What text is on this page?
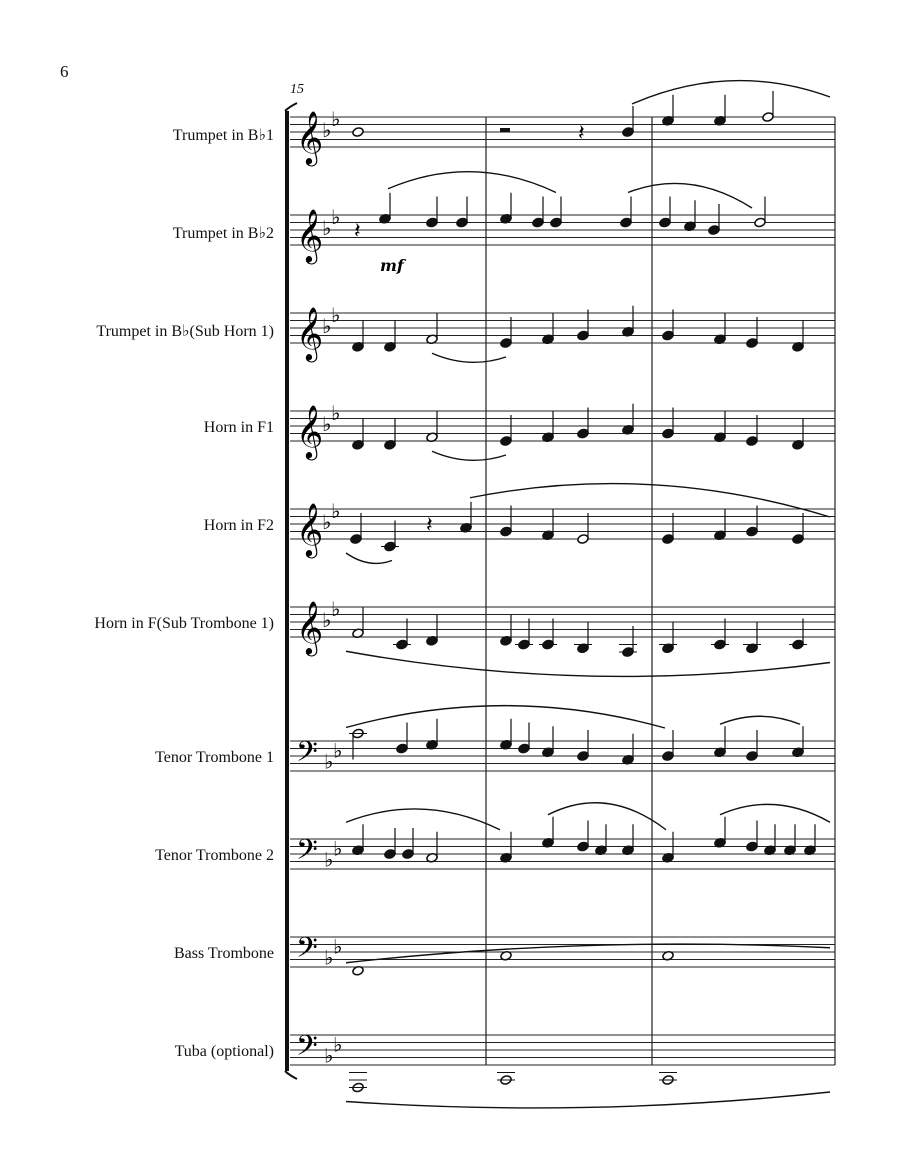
6
15
Trumpet in B♭1
Trumpet in B♭2
Trumpet in B♭(Sub Horn 1)
Horn in F1
Horn in F2
Horn in F(Sub Trombone 1)
Tenor Trombone 1
Tenor Trombone 2
Bass Trombone
Tuba (optional)
𝄞
♭ ♭
𝄞
♭ ♭
𝄞
♭ ♭
𝄞
♭ ♭
𝄞
♭ ♭
𝄞
♭ ♭
𝄢 ♭ ♭
𝄢 ♭ ♭
𝄢 ♭ ♭
𝄢 ♭ ♭
𝄽
𝄽
𝄽
mf
